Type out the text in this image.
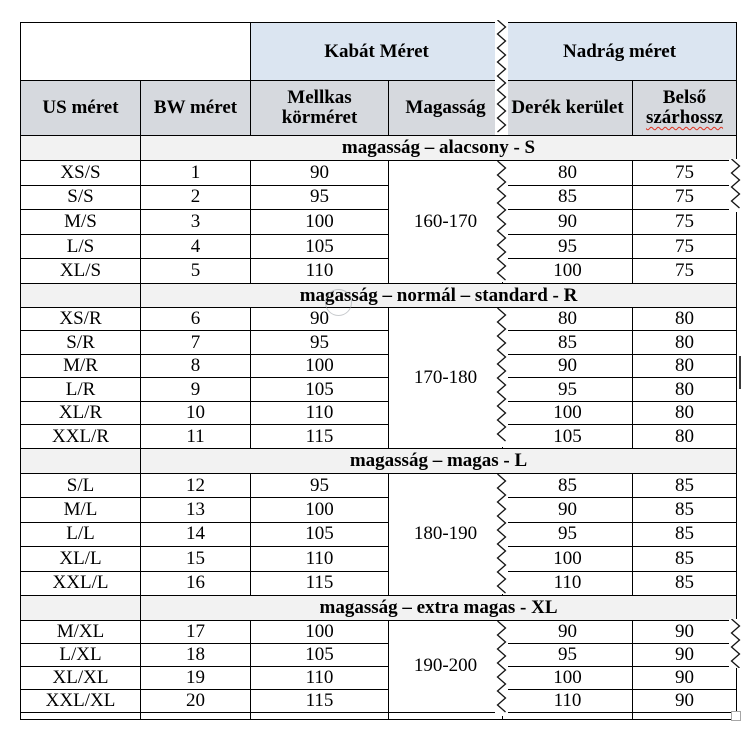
		Kabát Méret		Nadrág méret	
US méret	BW méret	Mellkas körméret	Magasság	Derék kerület	Belső
szárhossz
	magasság – alacsony - S				
XS/S	1	90	160-170	80	75
S/S	2	95		85	75
M/S	3	100		90	75
L/S	4	105		95	75
XL/S	5	110		100	75
	magasság – normál – standard - R				
XS/R	6	90	170-180	80	80
S/R	7	95		85	80
M/R	8	100		90	80
L/R	9	105		95	80
XL/R	10	110		100	80
XXL/R	11	115		105	80
	magasság – magas - L				
S/L	12	95	180-190	85	85
M/L	13	100		90	85
L/L	14	105		95	85
XL/L	15	110		100	85
XXL/L	16	115		110	85
	magasság – extra magas - XL				
M/XL	17	100	190-200	90	90
L/XL	18	105		95	90
XL/XL	19	110		100	90
XXL/XL	20	115		110	90
